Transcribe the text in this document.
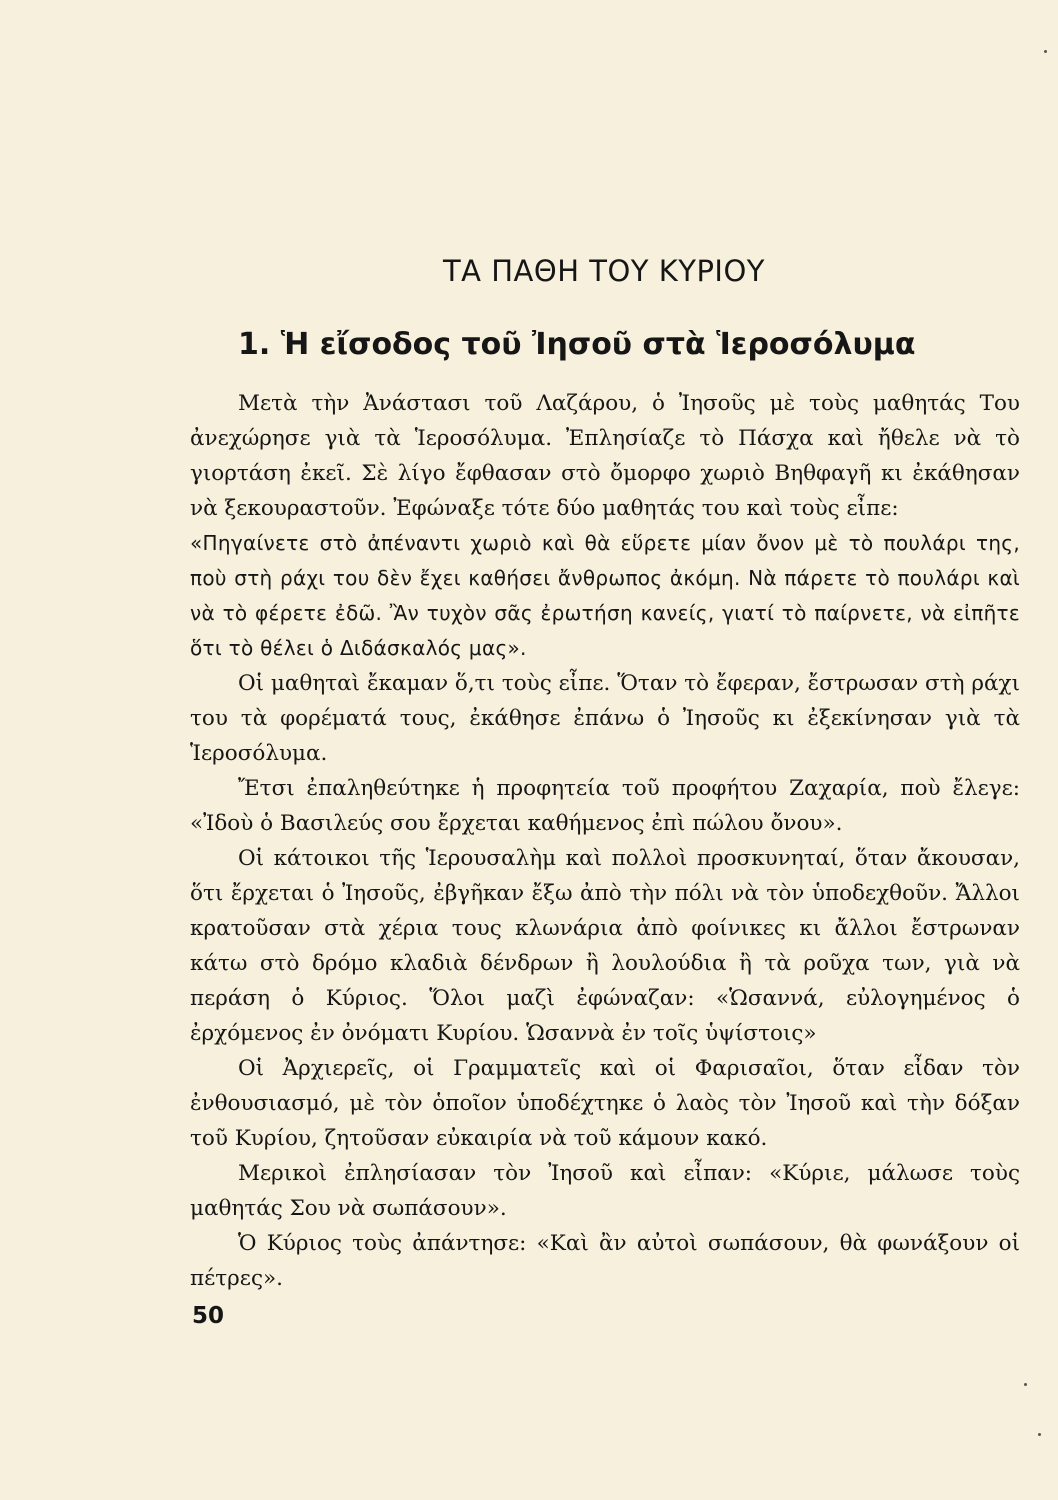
ΤΑ ΠΑΘΗ ΤΟΥ ΚΥΡΙΟΥ
1. Ἡ εἴσοδος τοῦ Ἰησοῦ στὰ Ἱεροσόλυμα

Μετὰ τὴν Ἀνάστασι τοῦ Λαζάρου, ὁ Ἰησοῦς μὲ τοὺς μαθητάς Του ἀνεχώρησε γιὰ τὰ Ἱεροσόλυμα. Ἐπλησίαζε τὸ Πάσχα καὶ ἤθελε νὰ τὸ γιορτάση ἐκεῖ. Σὲ λίγο ἔφθασαν στὸ ὄμορφο χωριὸ Βηθφαγῆ κι ἐκάθησαν νὰ ξεκουραστοῦν. Ἐφώναξε τότε δύο μαθητάς του καὶ τοὺς εἶπε:

«Πηγαίνετε στὸ ἀπέναντι χωριὸ καὶ θὰ εὕρετε μίαν ὄνον μὲ τὸ πουλάρι της, ποὺ στὴ ράχι του δὲν ἔχει καθήσει ἄνθρωπος ἀκόμη. Νὰ πάρετε τὸ πουλάρι καὶ νὰ τὸ φέρετε ἐδῶ. Ἂν τυχὸν σᾶς ἐρωτήση κανείς, γιατί τὸ παίρνετε, νὰ εἰπῆτε ὅτι τὸ θέλει ὁ Διδάσκαλός μας».

Οἱ μαθηταὶ ἔκαμαν ὅ,τι τοὺς εἶπε. Ὅταν τὸ ἔφεραν, ἔστρωσαν στὴ ράχι του τὰ φορέματά τους, ἐκάθησε ἐπάνω ὁ Ἰησοῦς κι ἐξεκίνησαν γιὰ τὰ Ἱεροσόλυμα.

Ἔτσι ἐπαληθεύτηκε ἡ προφητεία τοῦ προφήτου Ζαχαρία, ποὺ ἔλεγε: «Ἰδοὺ ὁ Βασιλεύς σου ἔρχεται καθήμενος ἐπὶ πώλου ὄνου».

Οἱ κάτοικοι τῆς Ἱερουσαλὴμ καὶ πολλοὶ προσκυνηταί, ὅταν ἄκουσαν, ὅτι ἔρχεται ὁ Ἰησοῦς, ἐβγῆκαν ἔξω ἀπὸ τὴν πόλι νὰ τὸν ὑποδεχθοῦν. Ἄλλοι κρατοῦσαν στὰ χέρια τους κλωνάρια ἀπὸ φοίνικες κι ἄλλοι ἔστρωναν κάτω στὸ δρόμο κλαδιὰ δένδρων ἢ λουλούδια ἢ τὰ ροῦχα των, γιὰ νὰ περάση ὁ Κύριος. Ὅλοι μαζὶ ἐφώναζαν: «Ὡσαννά, εὐλογημένος ὁ ἐρχόμενος ἐν ὀνόματι Κυρίου. Ὡσαννὰ ἐν τοῖς ὑψίστοις»

Οἱ Ἀρχιερεῖς, οἱ Γραμματεῖς καὶ οἱ Φαρισαῖοι, ὅταν εἶδαν τὸν ἐνθουσιασμό, μὲ τὸν ὁποῖον ὑποδέχτηκε ὁ λαὸς τὸν Ἰησοῦ καὶ τὴν δόξαν τοῦ Κυρίου, ζητοῦσαν εὐκαιρία νὰ τοῦ κάμουν κακό.

Μερικοὶ ἐπλησίασαν τὸν Ἰησοῦ καὶ εἶπαν: «Κύριε, μάλωσε τοὺς μαθητάς Σου νὰ σωπάσουν».

Ὁ Κύριος τοὺς ἀπάντησε: «Καὶ ἂν αὐτοὶ σωπάσουν, θὰ φωνάξουν οἱ πέτρες».

50
